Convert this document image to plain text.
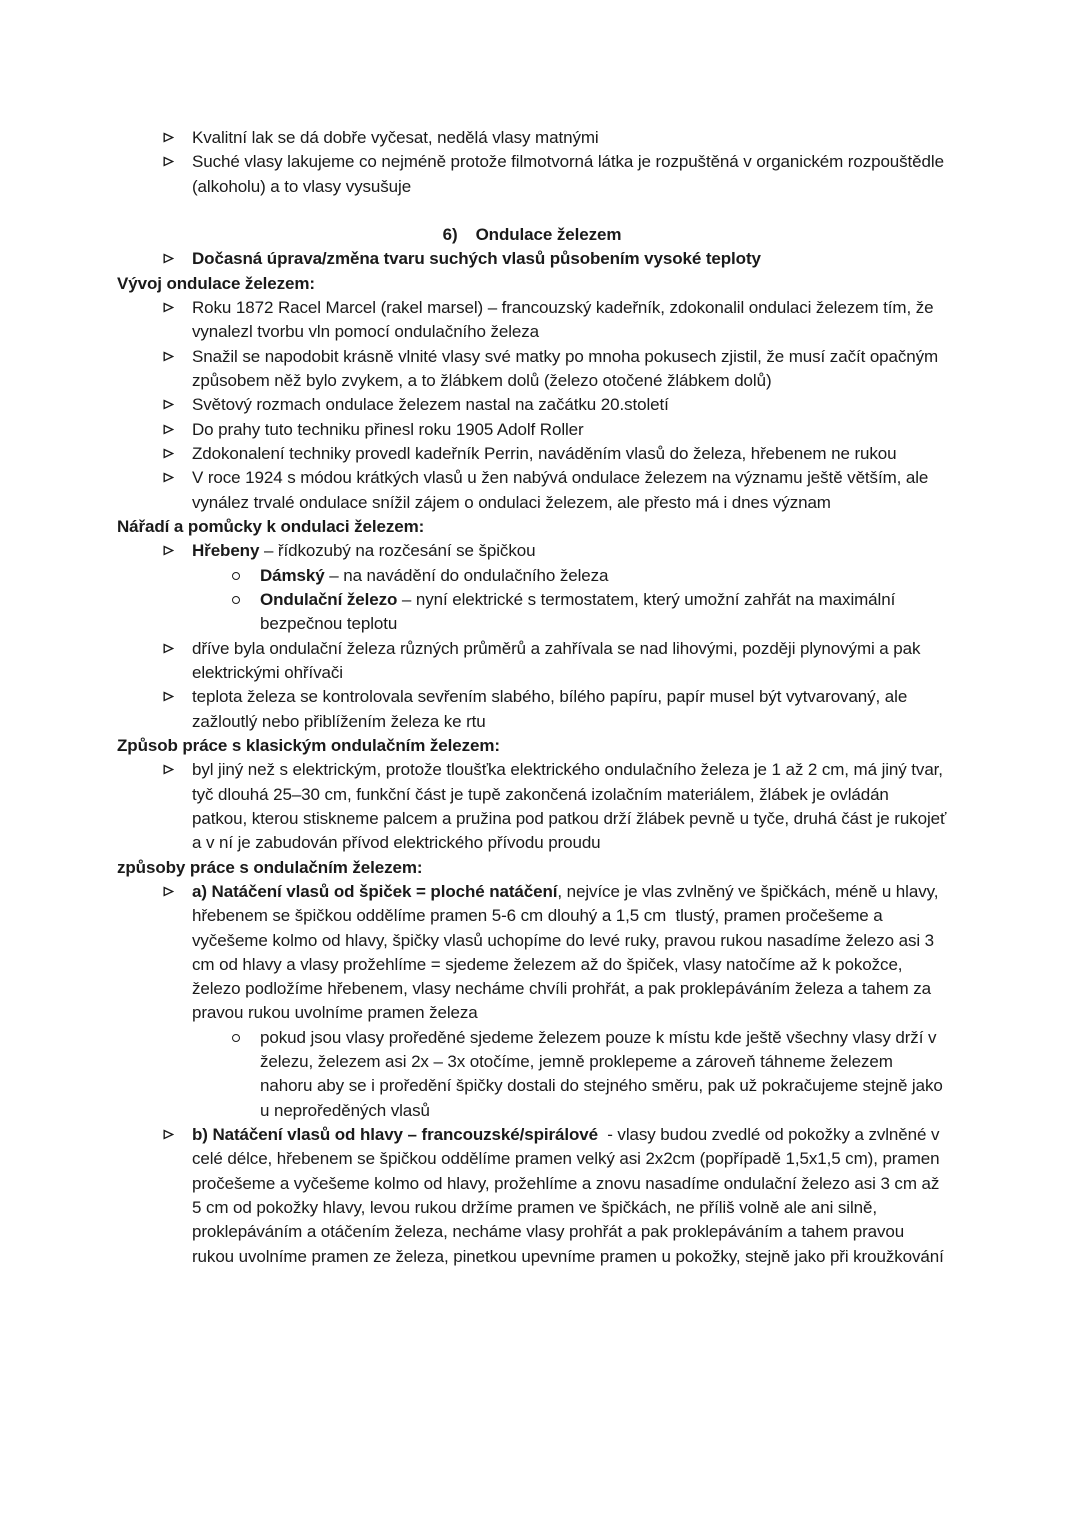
Kvalitní lak se dá dobře vyčesat, nedělá vlasy matnými
Suché vlasy lakujeme co nejméně protože filmotvorná látka je rozpuštěná v organickém rozpouštědle (alkoholu) a to vlasy vysušuje
6) Ondulace železem
Dočasná úprava/změna tvaru suchých vlasů působením vysoké teploty
Vývoj ondulace železem:
Roku 1872 Racel Marcel (rakel marsel) – francouzský kadeřník, zdokonalil ondulaci železem tím, že vynalezl tvorbu vln pomocí ondulačního železa
Snažil se napodobit krásně vlnité vlasy své matky po mnoha pokusech zjistil, že musí začít opačným způsobem něž bylo zvykem, a to žlábkem dolů (železo otočené žlábkem dolů)
Světový rozmach ondulace železem nastal na začátku 20.století
Do prahy tuto techniku přinesl roku 1905 Adolf Roller
Zdokonalení techniky provedl kadeřník Perrin, naváděním vlasů do železa, hřebenem ne rukou
V roce 1924 s módou krátkých vlasů u žen nabývá ondulace železem na významu ještě větším, ale vynález trvalé ondulace snížil zájem o ondulaci železem, ale přesto má i dnes význam
Nářadí a pomůcky k ondulaci železem:
Hřebeny – řídkozubý na rozčesání se špičkou
Dámský – na navádění do ondulačního železa
Ondulační železo – nyní elektrické s termostatem, který umožní zahřát na maximální bezpečnou teplotu
dříve byla ondulační železa různých průměrů a zahřívala se nad lihovými, později plynovými a pak elektrickými ohřívači
teplota železa se kontrolovala sevřením slabého, bílého papíru, papír musel být vytvarovaný, ale zažloutlý nebo přiblížením železa ke rtu
Způsob práce s klasickým ondulačním železem:
byl jiný než s elektrickým, protože tloušťka elektrického ondulačního železa je 1 až 2 cm, má jiný tvar, tyč dlouhá 25–30 cm, funkční část je tupě zakončená izolačním materiálem, žlábek je ovládán patkou, kterou stiskneme palcem a pružina pod patkou drží žlábek pevně u tyče, druhá část je rukojeť a v ní je zabudován přívod elektrického přívodu proudu
způsoby práce s ondulačním železem:
a) Natáčení vlasů od špiček = ploché natáčení, nejvíce je vlas zvlněný ve špičkách, méně u hlavy, hřebenem se špičkou oddělíme pramen 5-6 cm dlouhý a 1,5 cm  tlustý, pramen pročešeme a vyčešeme kolmo od hlavy, špičky vlasů uchopíme do levé ruky, pravou rukou nasadíme železo asi 3 cm od hlavy a vlasy prožehlíme = sjedeme železem až do špiček, vlasy natočíme až k pokožce, železo podložíme hřebenem, vlasy necháme chvíli prohřát, a pak proklepáváním železa a tahem za pravou rukou uvolníme pramen železa
pokud jsou vlasy proředěné sjedeme železem pouze k místu kde ještě všechny vlasy drží v železu, železem asi 2x – 3x otočíme, jemně proklepeme a zároveň táhneme železem nahoru aby se i proředění špičky dostali do stejného směru, pak už pokračujeme stejně jako u neproředěných vlasů
b) Natáčení vlasů od hlavy – francouzské/spirálové  - vlasy budou zvedlé od pokožky a zvlněné v celé délce, hřebenem se špičkou oddělíme pramen velký asi 2x2cm (popřípadě 1,5x1,5 cm), pramen pročešeme a vyčešeme kolmo od hlavy, prožehlíme a znovu nasadíme ondulační železo asi 3 cm až 5 cm od pokožky hlavy, levou rukou držíme pramen ve špičkách, ne příliš volně ale ani silně, proklepáváním a otáčením železa, necháme vlasy prohřát a pak proklepáváním a tahem pravou rukou uvolníme pramen ze železa, pinetkou upevníme pramen u pokožky, stejně jako při kroužkování
